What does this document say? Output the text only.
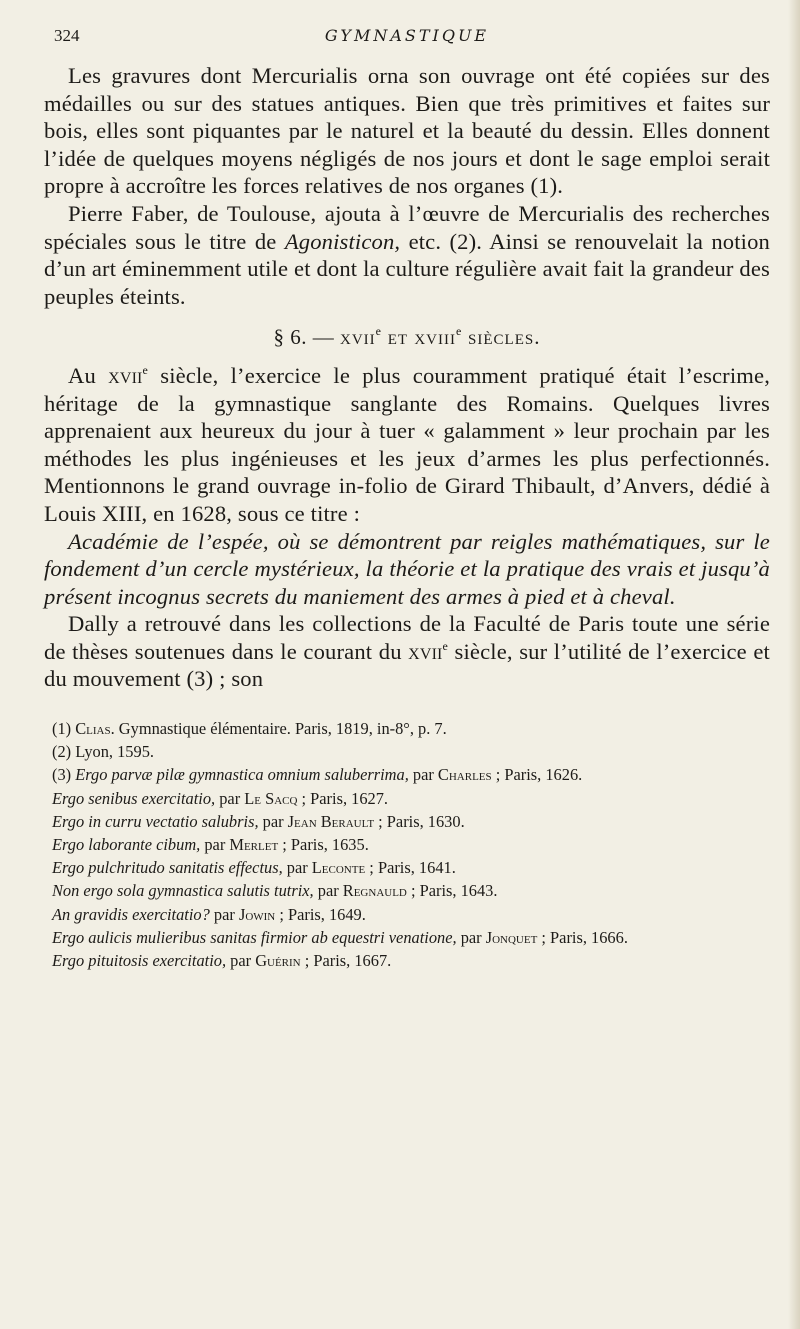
324	GYMNASTIQUE

Les gravures dont Mercurialis orna son ouvrage ont été copiées sur des médailles ou sur des statues antiques. Bien que très primitives et faites sur bois, elles sont piquantes par le naturel et la beauté du dessin. Elles donnent l’idée de quelques moyens négligés de nos jours et dont le sage emploi serait propre à accroître les forces relatives de nos organes (1).

Pierre Faber, de Toulouse, ajouta à l’œuvre de Mercurialis des recherches spéciales sous le titre de Agonisticon, etc. (2). Ainsi se renouvelait la notion d’un art éminemment utile et dont la culture régulière avait fait la grandeur des peuples éteints.

§ 6. — xvii$^e$ et xviii$^e$ siècles.

Au xvii$^e$ siècle, l’exercice le plus couramment pratiqué était l’escrime, héritage de la gymnastique sanglante des Romains. Quelques livres apprenaient aux heureux du jour à tuer « galamment » leur prochain par les méthodes les plus ingénieuses et les jeux d’armes les plus perfectionnés. Mentionnons le grand ouvrage in-folio de Girard Thibault, d’Anvers, dédié à Louis XIII, en 1628, sous ce titre :

Académie de l’espée, où se démontrent par reigles mathématiques, sur le fondement d’un cercle mystérieux, la théorie et la pratique des vrais et jusqu’à présent incognus secrets du maniement des armes à pied et à cheval.

Dally a retrouvé dans les collections de la Faculté de Paris toute une série de thèses soutenues dans le courant du xvii$^e$ siècle, sur l’utilité de l’exercice et du mouvement (3) ; son

(1) Clias. Gymnastique élémentaire. Paris, 1819, in-8°, p. 7.

(2) Lyon, 1595.

(3) Ergo parvæ pilæ gymnastica omnium saluberrima, par Charles ; Paris, 1626.

Ergo senibus exercitatio, par Le Sacq ; Paris, 1627.

Ergo in curru vectatio salubris, par Jean Berault ; Paris, 1630.

Ergo laborante cibum, par Merlet ; Paris, 1635.

Ergo pulchritudo sanitatis effectus, par Leconte ; Paris, 1641.

Non ergo sola gymnastica salutis tutrix, par Regnauld ; Paris, 1643.

An gravidis exercitatio? par Jowin ; Paris, 1649.

Ergo aulicis mulieribus sanitas firmior ab equestri venatione, par Jonquet ; Paris, 1666.

Ergo pituitosis exercitatio, par Guérin ; Paris, 1667.
